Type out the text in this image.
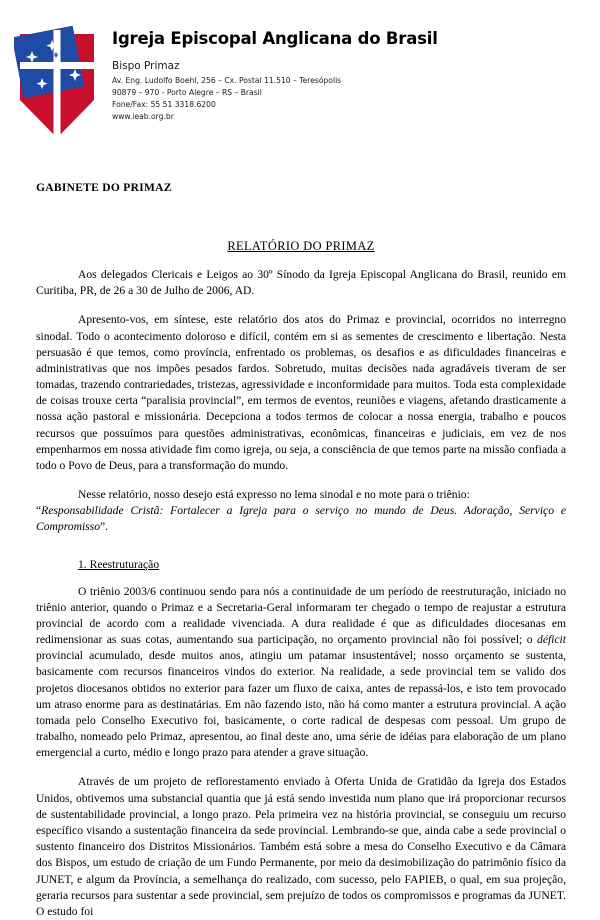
Igreja Episcopal Anglicana do Brasil
Bispo Primaz
Av. Eng. Ludolfo Boehl, 256 – Cx. Postal 11.510 – Teresópolis
90879 – 970 - Porto Alegre – RS – Brasil
Fone/Fax: 55 51 3318.6200
www.ieab.org.br
GABINETE DO PRIMAZ
RELATÓRIO DO PRIMAZ

Aos delegados Clericais e Leigos ao 30º Sínodo da Igreja Episcopal Anglicana do Brasil, reunido em Curitiba, PR, de 26 a 30 de Julho de 2006, AD.

Apresento-vos, em síntese, este relatório dos atos do Primaz e provincial, ocorridos no interregno sinodal. Todo o acontecimento doloroso e difícil, contém em si as sementes de crescimento e libertação. Nesta persuasão é que temos, como província, enfrentado os problemas, os desafios e as dificuldades financeiras e administrativas que nos impões pesados fardos. Sobretudo, muitas decisões nada agradáveis tiveram de ser tomadas, trazendo contrariedades, tristezas, agressividade e inconformidade para muitos. Toda esta complexidade de coisas trouxe certa “paralisia provincial”, em termos de eventos, reuniões e viagens, afetando drasticamente a nossa ação pastoral e missionária. Decepciona a todos termos de colocar a nossa energia, trabalho e poucos recursos que possuímos para questões administrativas, econômicas, financeiras e judiciais, em vez de nos empenharmos em nossa atividade fim como igreja, ou seja, a consciência de que temos parte na missão confiada a todo o Povo de Deus, para a transformação do mundo.

Nesse relatório, nosso desejo está expresso no lema sinodal e no mote para o triênio:
“Responsabilidade Cristã: Fortalecer a Igreja para o serviço no mundo de Deus. Adoração, Serviço e Compromisso”.

1. Reestruturação

O triênio 2003/6 continuou sendo para nós a continuidade de um período de reestruturação, iniciado no triênio anterior, quando o Primaz e a Secretaria-Geral informaram ter chegado o tempo de reajustar a estrutura provincial de acordo com a realidade vivenciada. A dura realidade é que as dificuldades diocesanas em redimensionar as suas cotas, aumentando sua participação, no orçamento provincial não foi possível; o déficit provincial acumulado, desde muitos anos, atingiu um patamar insustentável; nosso orçamento se sustenta, basicamente com recursos financeiros vindos do exterior. Na realidade, a sede provincial tem se valido dos projetos diocesanos obtidos no exterior para fazer um fluxo de caixa, antes de repassá-los, e isto tem provocado um atraso enorme para as destinatárias. Em não fazendo isto, não há como manter a estrutura provincial. A ação tomada pelo Conselho Executivo foi, basicamente, o corte radical de despesas com pessoal. Um grupo de trabalho, nomeado pelo Primaz, apresentou, ao final deste ano, uma série de idéias para elaboração de um plano emergencial a curto, médio e longo prazo para atender a grave situação.

Através de um projeto de reflorestamento enviado à Oferta Unida de Gratidão da Igreja dos Estados Unidos, obtivemos uma substancial quantia que já está sendo investida num plano que irá proporcionar recursos de sustentabilidade provincial, a longo prazo. Pela primeira vez na história provincial, se conseguiu um recurso específico visando a sustentação financeira da sede provincial. Lembrando-se que, ainda cabe a sede provincial o sustento financeiro dos Distritos Missionários. Também está sobre a mesa do Conselho Executivo e da Câmara dos Bispos, um estudo de criação de um Fundo Permanente, por meio da desimobilização do patrimônio físico da JUNET, e algum da Província, a semelhança do realizado, com sucesso, pelo FAPIEB, o qual, em sua projeção, geraria recursos para sustentar a sede provincial, sem prejuízo de todos os compromissos e programas da JUNET. O estudo foi
